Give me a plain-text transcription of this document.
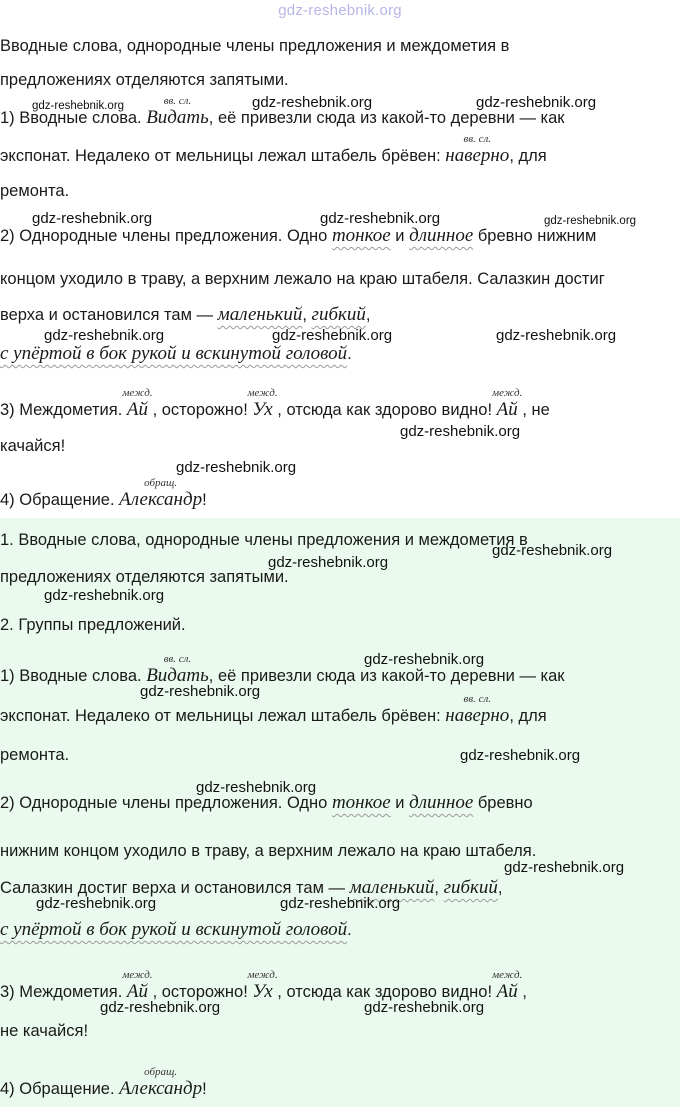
gdz-reshebnik.org
Вводные слова, однородные члены предложения и междометия в
предложениях отделяются запятыми.
1) Вводные слова.
вв. сл.
Видать, её привезли сюда из какой-то деревни — как
экспонат. Недалеко от мельницы лежал штабель брёвен:
вв. сл.
наверно, для
ремонта.
2) Однородные члены предложения. Одно тонкое и длинное бревно нижним
концом уходило в траву, а верхним лежало на краю штабеля. Салазкин достиг
верха и остановился там — маленький, гибкий,
с упёртой в бок рукой и вскинутой головой.
3) Междометия.
межд.
Ай , осторожно!
межд.
Ух , отсюда как здорово видно!
межд.
Ай , не
качайся!
4) Обращение.
обращ.
Александр!
gdz-reshebnik.org	gdz-reshebnik.org	gdz-reshebnik.org
gdz-reshebnik.org	gdz-reshebnik.org	gdz-reshebnik.org
gdz-reshebnik.org	gdz-reshebnik.org	gdz-reshebnik.org
gdz-reshebnik.org
gdz-reshebnik.org
1. Вводные слова, однородные члены предложения и междометия в
предложениях отделяются запятыми.
2. Группы предложений.
1) Вводные слова.
вв. сл.
Видать, её привезли сюда из какой-то деревни — как
экспонат. Недалеко от мельницы лежал штабель брёвен:
вв. сл.
наверно, для
ремонта.
2) Однородные члены предложения. Одно тонкое и длинное бревно
нижним концом уходило в траву, а верхним лежало на краю штабеля.
Салазкин достиг верха и остановился там — маленький, гибкий,
с упёртой в бок рукой и вскинутой головой.
3) Междометия.
межд.
Ай , осторожно!
межд.
Ух , отсюда как здорово видно!
межд.
Ай ,
не качайся!
4) Обращение.
обращ.
Александр!
gdz-reshebnik.org
gdz-reshebnik.org
gdz-reshebnik.org
gdz-reshebnik.org
gdz-reshebnik.org
gdz-reshebnik.org
gdz-reshebnik.org
gdz-reshebnik.org
gdz-reshebnik.org	gdz-reshebnik.org
gdz-reshebnik.org	gdz-reshebnik.org
